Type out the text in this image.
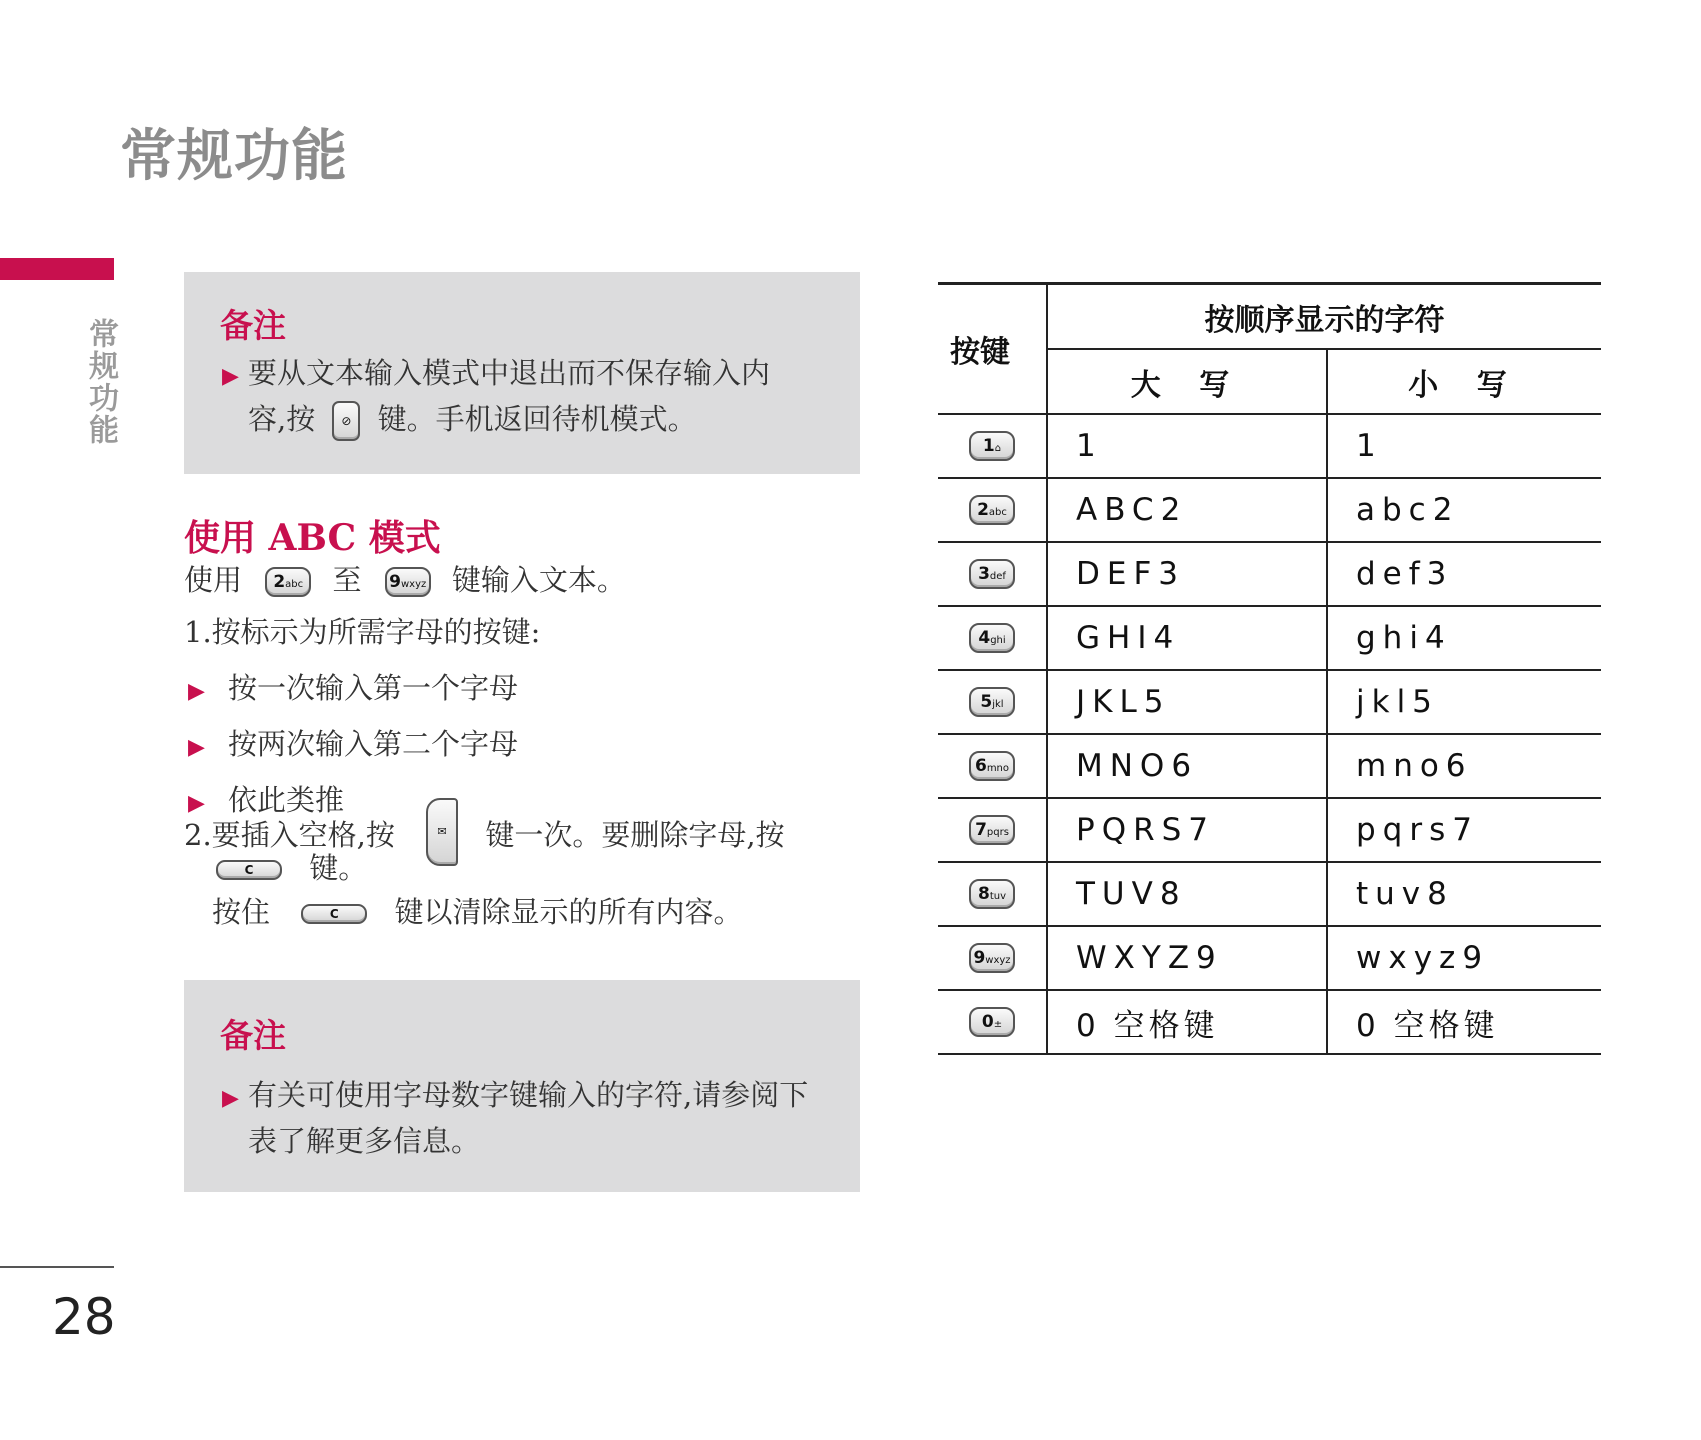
常规功能
常规功能
28
备注
▶ 要从文本输入模式中退出而不保存输入内
容,按 ⊘ 键。手机返回待机模式。
使用 ABC 模式
使用 2abc 至 9wxyz 键输入文本。
1.按标示为所需字母的按键:
▶ 按一次输入第一个字母
▶ 按两次输入第二个字母
▶ 依此类推
2.要插入空格,按	✉ 键一次。要删除字母,按
C 键。
按住	C 键以清除显示的所有内容。
备注
▶ 有关可使用字母数字键输入的字符,请参阅下
表了解更多信息。
按键	按顺序显示的字符	
	大 写	小 写
1⌂	1	1
2abc	ABC2	abc2
3def	DEF3	def3
4ghi	GHI4	ghi4
5jkl	JKL5	jkl5
6mno	MNO6	mno6
7pqrs	PQRS7	pqrs7
8tuv	TUV8	tuv8
9wxyz	WXYZ9	wxyz9
0±	0 空格键	0 空格键
